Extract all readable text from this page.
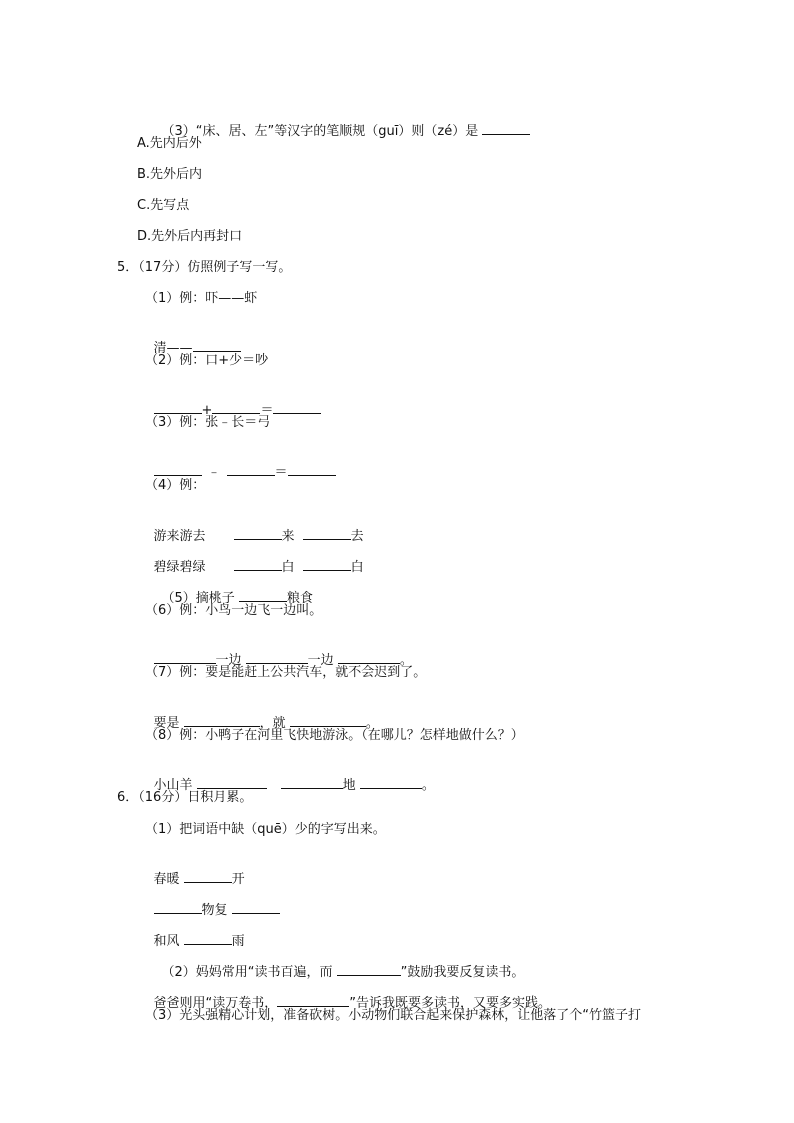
（3）“床、居、左”等汉字的笔顺规（guī）则（zé）是

A.先内后外
B.先外后内
C.先写点
D.先外后内再封口
5．（17分）仿照例子写一写。
（1）例：吓——虾

清——

（2）例：口+少＝吵

+	＝

（3）例：张﹣长＝弓

﹣	＝

（4）例：

游来游去	来	去

碧绿碧绿	白	白

（5）摘桃子	粮食

（6）例：小鸟一边飞一边叫。

一边	一边	。

（7）例：要是能赶上公共汽车，就不会迟到了。

要是	，就	。

（8）例：小鸭子在河里飞快地游泳。（在哪儿？怎样地做什么？）

小山羊	地	。

6．（16分）日积月累。
（1）把词语中缺（quē）少的字写出来。

春暖	开

物复

和风	雨

（2）妈妈常用“读书百遍，而	”鼓励我要反复读书。

爸爸则用“读万卷书，	”告诉我既要多读书，又要多实践。

（3）光头强精心计划，准备砍树。小动物们联合起来保护森林，让他落了个“竹篮子打
